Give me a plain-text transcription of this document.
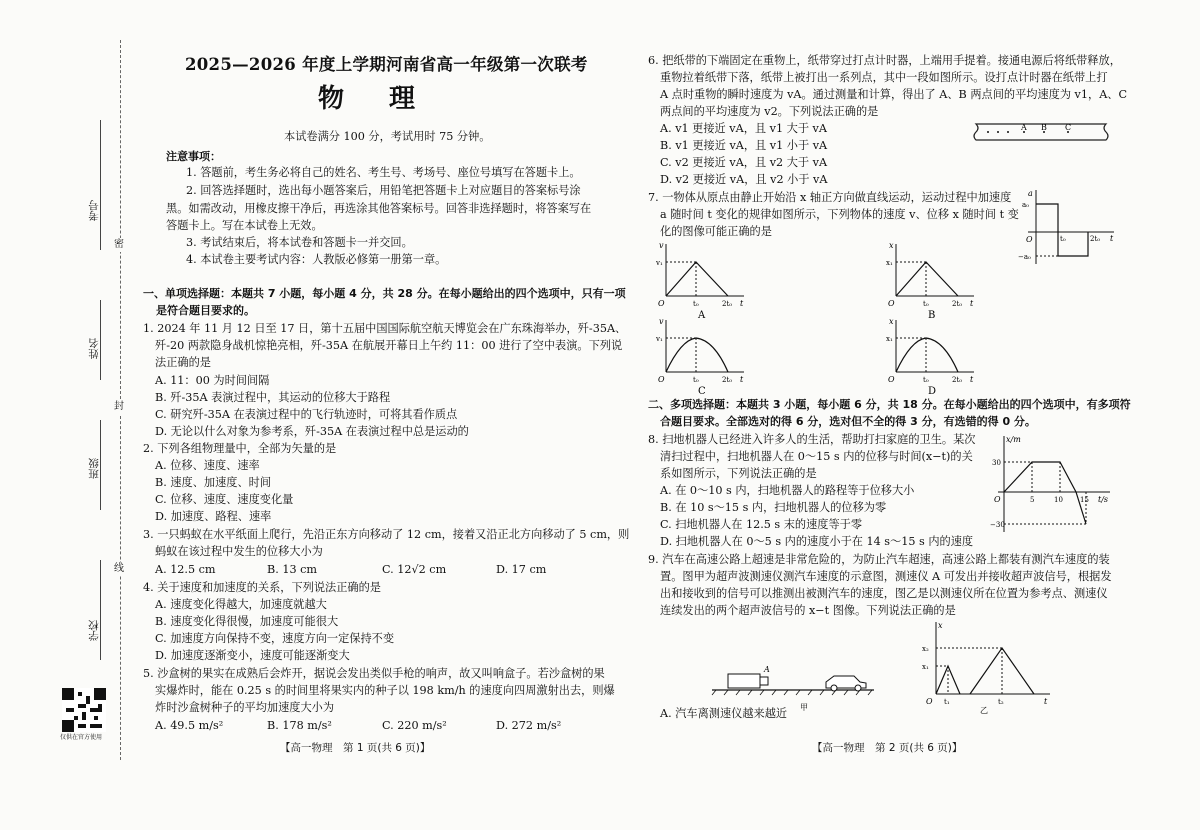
考号
姓名
班级
学校
密
封
线
仅供在官方使用
2025—2026 年度上学期河南省高一年级第一次联考
物 理
本试卷满分 100 分，考试用时 75 分钟。
注意事项：
1. 答题前，考生务必将自己的姓名、考生号、考场号、座位号填写在答题卡上。
2. 回答选择题时，选出每小题答案后，用铅笔把答题卡上对应题目的答案标号涂
黑。如需改动，用橡皮擦干净后，再选涂其他答案标号。回答非选择题时，将答案写在
答题卡上。写在本试卷上无效。
3. 考试结束后，将本试卷和答题卡一并交回。
4. 本试卷主要考试内容：人教版必修第一册第一章。
一、单项选择题：本题共 7 小题，每小题 4 分，共 28 分。在每小题给出的四个选项中，只有一项
是符合题目要求的。
1. 2024 年 11 月 12 日至 17 日，第十五届中国国际航空航天博览会在广东珠海举办，歼-35A、
歼-20 两款隐身战机惊艳亮相，歼-35A 在航展开幕日上午约 11：00 进行了空中表演。下列说
法正确的是
A. 11：00 为时间间隔
B. 歼-35A 表演过程中，其运动的位移大于路程
C. 研究歼-35A 在表演过程中的飞行轨迹时，可将其看作质点
D. 无论以什么对象为参考系，歼-35A 在表演过程中总是运动的
2. 下列各组物理量中，全部为矢量的是
A. 位移、速度、速率
B. 速度、加速度、时间
C. 位移、速度、速度变化量
D. 加速度、路程、速率
3. 一只蚂蚁在水平纸面上爬行，先沿正东方向移动了 12 cm，接着又沿正北方向移动了 5 cm，则
蚂蚁在该过程中发生的位移大小为
A. 12.5 cm	B. 13 cm	C. 12√2 cm	D. 17 cm
4. 关于速度和加速度的关系，下列说法正确的是
A. 速度变化得越大，加速度就越大
B. 速度变化得很慢，加速度可能很大
C. 加速度方向保持不变，速度方向一定保持不变
D. 加速度逐渐变小，速度可能逐渐变大
5. 沙盒树的果实在成熟后会炸开，据说会发出类似手枪的响声，故又叫响盒子。若沙盒树的果
实爆炸时，能在 0.25 s 的时间里将果实内的种子以 198 km/h 的速度向四周激射出去，则爆
炸时沙盒树种子的平均加速度大小为
A. 49.5 m/s²	B. 178 m/s²	C. 220 m/s²	D. 272 m/s²
【高一物理　第 1 页(共 6 页)】
6. 把纸带的下端固定在重物上，纸带穿过打点计时器，上端用手提着。接通电源后将纸带释放，
重物拉着纸带下落，纸带上被打出一系列点，其中一段如图所示。设打点计时器在纸带上打
A 点时重物的瞬时速度为 vA。通过测量和计算，得出了 A、B 两点间的平均速度为 v1，A、C
两点间的平均速度为 v2。下列说法正确的是
A. v1 更接近 vA，且 v1 大于 vA
B. v1 更接近 vA，且 v1 小于 vA
C. v2 更接近 vA，且 v2 大于 vA
D. v2 更接近 vA，且 v2 小于 vA
A B C
7. 一物体从原点由静止开始沿 x 轴正方向做直线运动，运动过程中加速度
a 随时间 t 变化的规律如图所示，下列物体的速度 v、位移 x 随时间 t 变
化的图像可能正确的是
a
a₀
−a₀
O	t₀	2t₀ t
v
v₁
O	t₀	2t₀ t
A
x
x₁
O	t₀	2t₀ t
B
v
v₁
O	t₀	2t₀ t
C
x
x₁
O	t₀	2t₀ t
D
二、多项选择题：本题共 3 小题，每小题 6 分，共 18 分。在每小题给出的四个选项中，有多项符
合题目要求。全部选对的得 6 分，选对但不全的得 3 分，有选错的得 0 分。
8. 扫地机器人已经进入许多人的生活，帮助打扫家庭的卫生。某次
清扫过程中，扫地机器人在 0～15 s 内的位移与时间(x−t)的关
系如图所示，下列说法正确的是
A. 在 0～10 s 内，扫地机器人的路程等于位移大小
B. 在 10 s～15 s 内，扫地机器人的位移为零
C. 扫地机器人在 12.5 s 末的速度等于零
D. 扫地机器人在 0～5 s 内的速度小于在 14 s～15 s 内的速度
x/m
30
−30
O	5	10 15 t/s
9. 汽车在高速公路上超速是非常危险的，为防止汽车超速，高速公路上都装有测汽车速度的装
置。图甲为超声波测速仪测汽车速度的示意图，测速仪 A 可发出并接收超声波信号，根据发
出和接收到的信号可以推测出被测汽车的速度，图乙是以测速仪所在位置为参考点、测速仪
连续发出的两个超声波信号的 x−t 图像。下列说法正确的是
A
甲
x
x₂
x₁
O t₁	t₂	t
乙
A. 汽车离测速仪越来越近
【高一物理　第 2 页(共 6 页)】
